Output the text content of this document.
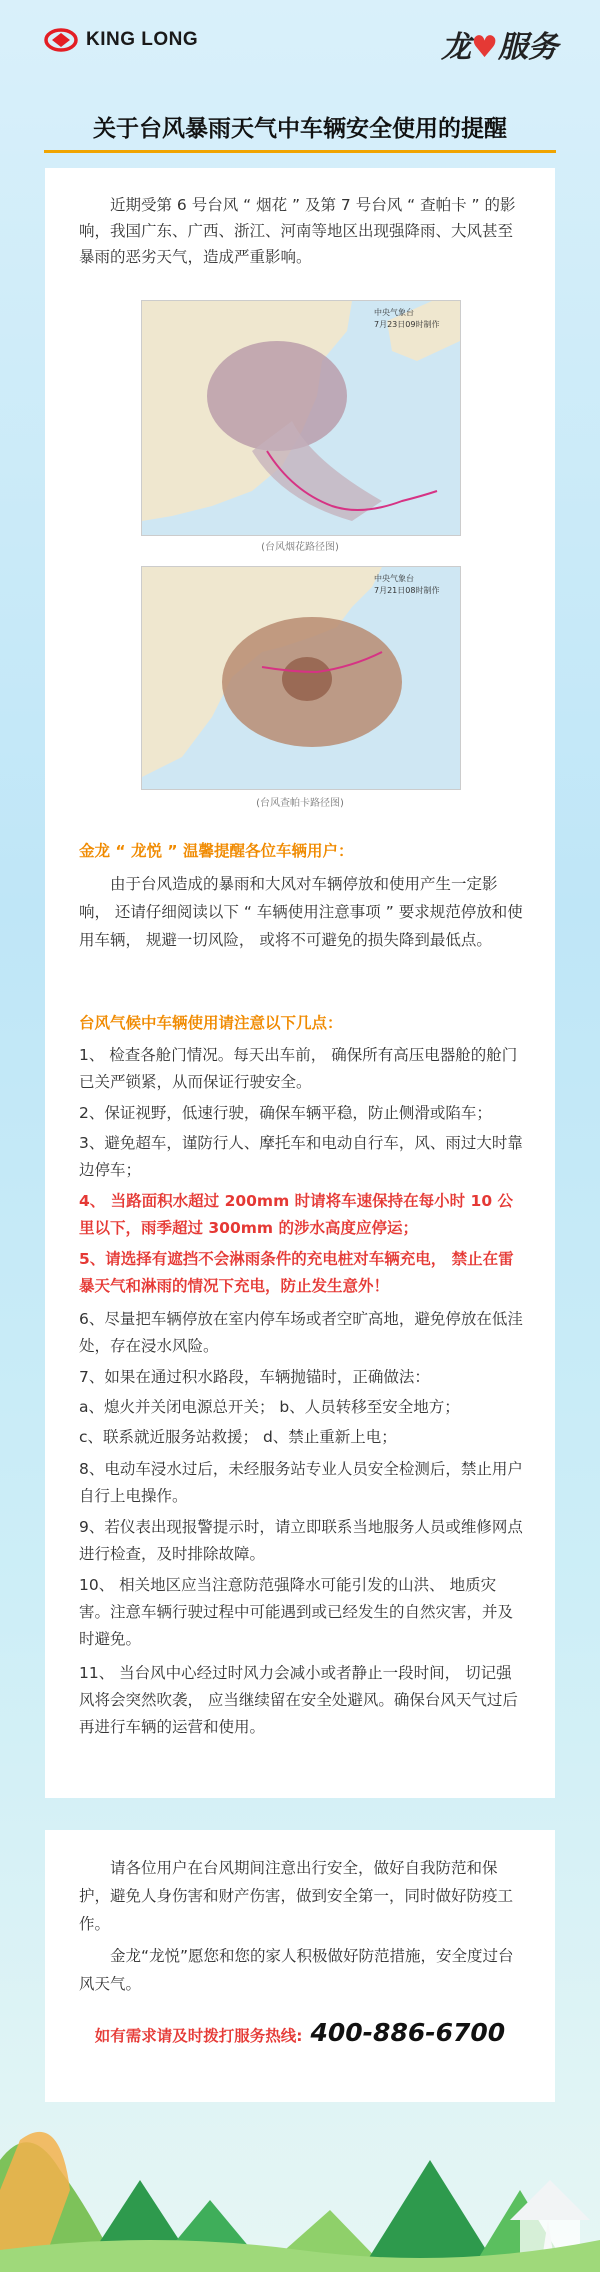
KING LONG	龙♥服务
关于台风暴雨天气中车辆安全使用的提醒

近期受第 6 号台风 “ 烟花 ” 及第 7 号台风 “ 查帕卡 ” 的影响，我国广东、广西、浙江、河南等地区出现强降雨、大风甚至暴雨的恶劣天气，造成严重影响。

中央气象台
7月23日09时制作
(台风烟花路径图)
中央气象台
7月21日08时制作
(台风查帕卡路径图)

金龙 “ 龙悦 ” 温馨提醒各位车辆用户：

由于台风造成的暴雨和大风对车辆停放和使用产生一定影响， 还请仔细阅读以下 “ 车辆使用注意事项 ” 要求规范停放和使用车辆， 规避一切风险， 或将不可避免的损失降到最低点。

台风气候中车辆使用请注意以下几点：

1、 检查各舱门情况。每天出车前， 确保所有高压电器舱的舱门已关严锁紧，从而保证行驶安全。

2、保证视野，低速行驶，确保车辆平稳，防止侧滑或陷车；

3、避免超车，谨防行人、摩托车和电动自行车，风、雨过大时靠边停车；

4、 当路面积水超过 200mm 时请将车速保持在每小时 10 公里以下，雨季超过 300mm 的涉水高度应停运；

5、请选择有遮挡不会淋雨条件的充电桩对车辆充电， 禁止在雷暴天气和淋雨的情况下充电，防止发生意外！

6、尽量把车辆停放在室内停车场或者空旷高地，避免停放在低洼处，存在浸水风险。

7、如果在通过积水路段，车辆抛锚时，正确做法：

a、熄火并关闭电源总开关； b、人员转移至安全地方；

c、联系就近服务站救援； d、禁止重新上电；

8、电动车浸水过后，未经服务站专业人员安全检测后，禁止用户自行上电操作。

9、若仪表出现报警提示时，请立即联系当地服务人员或维修网点进行检查，及时排除故障。

10、 相关地区应当注意防范强降水可能引发的山洪、 地质灾害。注意车辆行驶过程中可能遇到或已经发生的自然灾害，并及时避免。

11、 当台风中心经过时风力会减小或者静止一段时间， 切记强风将会突然吹袭， 应当继续留在安全处避风。确保台风天气过后再进行车辆的运营和使用。

请各位用户在台风期间注意出行安全，做好自我防范和保护，避免人身伤害和财产伤害，做到安全第一，同时做好防疫工作。

金龙“龙悦”愿您和您的家人积极做好防范措施，安全度过台风天气。

如有需求请及时拨打服务热线: 400-886-6700
